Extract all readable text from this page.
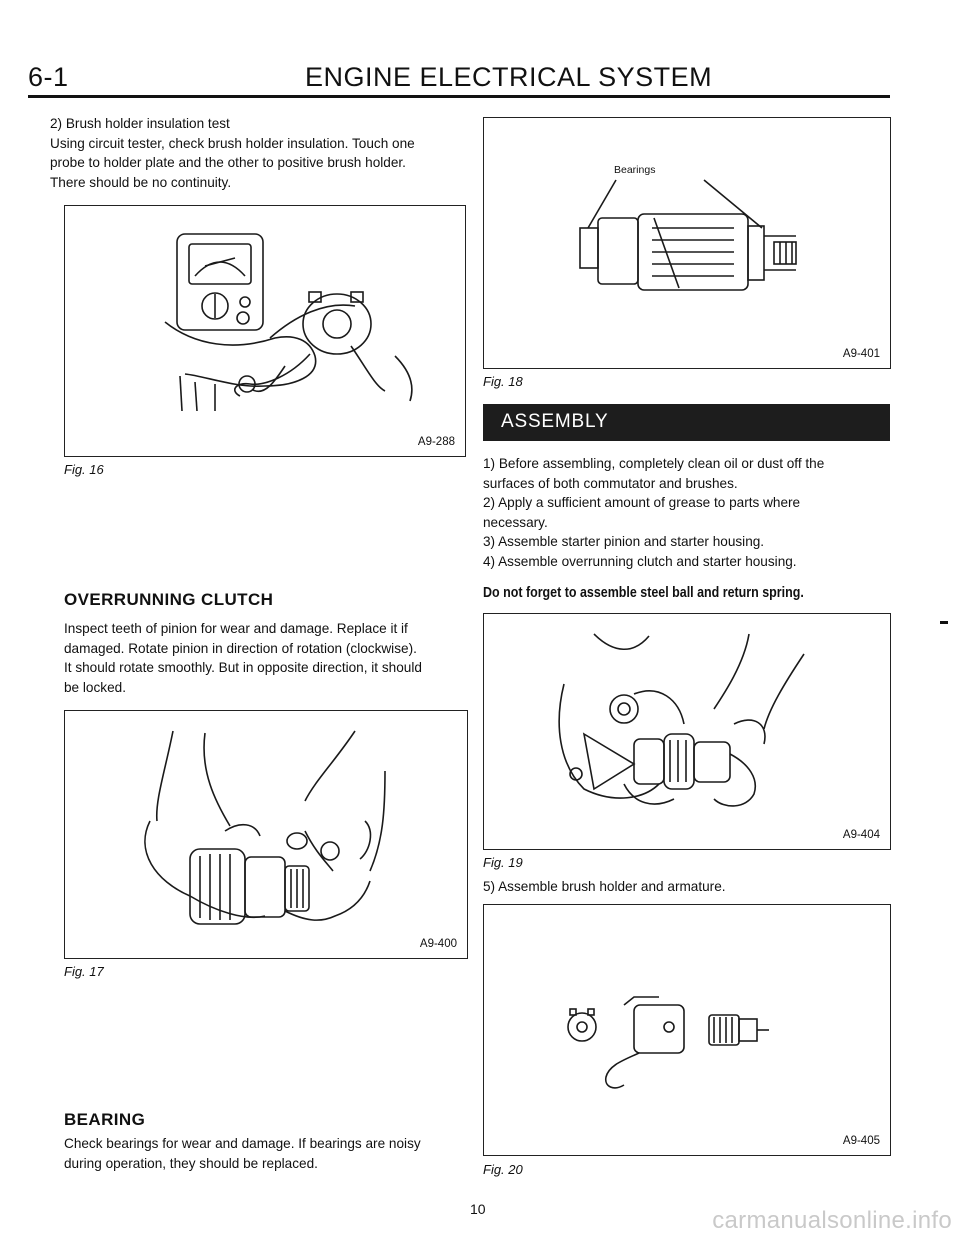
6-1	ENGINE ELECTRICAL SYSTEM
2) Brush holder insulation test
Using circuit tester, check brush holder insulation. Touch one
probe to holder plate and the other to positive brush holder.
There should be no continuity.
A9-288
Fig. 16
OVERRUNNING CLUTCH
Inspect teeth of pinion for wear and damage. Replace it if
damaged. Rotate pinion in direction of rotation (clockwise).
It should rotate smoothly. But in opposite direction, it should
be locked.
A9-400
Fig. 17
BEARING
Check bearings for wear and damage. If bearings are noisy
during operation, they should be replaced.
Bearings
A9-401
Fig. 18
ASSEMBLY
1) Before assembling, completely clean oil or dust off the
surfaces of both commutator and brushes.
2) Apply a sufficient amount of grease to parts where
necessary.
3) Assemble starter pinion and starter housing.
4) Assemble overrunning clutch and starter housing.
Do not forget to assemble steel ball and return spring.
A9-404
Fig. 19
5) Assemble brush holder and armature.
A9-405
Fig. 20
10	carmanualsonline.info
